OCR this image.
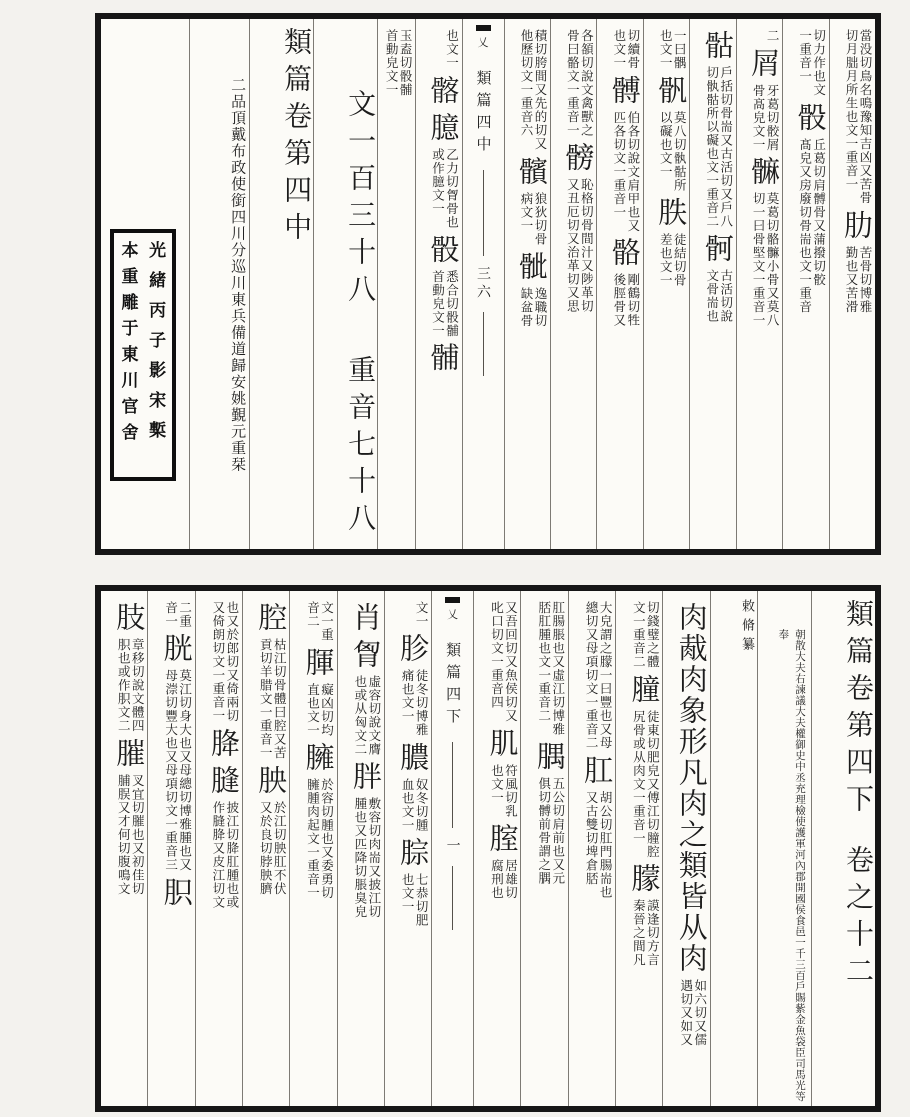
當没切鳥名鳴豫知吉凶又苦骨
切月朏月所生也文一重音一
肋
苦骨切博雅
勤也又苦滑
切力作也文
一重音一
骰
丘葛切肩髆骨又蒲撥切骹
髙皃又房廢切骨耑也文一重音
二
屑
牙葛切骹屑
骨髙皃文一
髍
莫葛切骼髍小骨又莫八
切一曰骨堅文一重音一
骷
戶括切骨耑又古活切又戶八
切骫骷所以礙也文一重音二
䯊
古活切說
文骨耑也
一曰髃
也文一
骪
莫八切骫骷所
以礙也文一
胅
徒結切骨
差也文一
切續骨
也文一
髆
伯各切說文肩甲也又
匹各切文一重音一
骼
剛鶴切牲
後脛骨又
各頟切說文禽獸之
骨曰骼文一重音一
髈
恥格切骨間汁又陟革切
又丑厄切又治革切又思
積切胯間又先的切又
他歷切文一重音六
髕
狼狄切骨
病文一
骴
逸職切
缺盆骨
乂
類篇四中
三六
也文一
髂臆
乙力切胷骨也
或作臆文一
骰
悉合切骰䯙
首動皃文一
䯙
玉盍切骰䯙
首動皃文一
文一百三十八重音七十八
類篇卷第四中
二品頂戴布政使銜四川分巡川東兵備道歸安姚覲元重栞
光緒丙子影宋槧
本重雕于東川官舍
類篇卷第四下卷之十二
朝散大夫右諫議大夫權御史中丞充理檢使護軍河內郡開國侯食邑一千三百戶賜紫金魚袋臣司馬光等奉
敕脩纂
肉胾肉象形凡肉之類皆从肉
如六切又儒
遇切又如又
切錢璧之體
文一重音二
膧
徒東切肥皃又傅江切膧腔
尻骨或从肉文一重音一
朦
謨逢切方言
秦晉之間凡
大皃謂之朦一曰豐也又母
總切又母項切文一重音二
肛
胡公切肛門腸耑也
又古雙切埤倉脴
肛腸脹也又虛江切博雅
脴肛腫也文一重音二
腢
五公切肩前也又元
俱切髆前骨謂之腢
又吾回切又魚侯切又
叱口切文一重音四
肌
符風切乳
也文一
腟
居雄切
腐刑也
乂
類篇四下
一
文一
胗
徒冬切博雅
痛也文一
膿
奴冬切腫
血也文一
腙
七恭切肥
也文一
肖胷
虛容切說文膺
也或从匈文二
胖
敷容切肉耑又披江切
腫也又匹降切脹臭皃
文一重
音二
腪
癡凶切均
直也文一
臃
於容切腫也又委勇切
臃腫肉起文一重音一
腔
枯江切骨體曰腔又苦
貢切羊腊文一重音一
胦
於江切胦肛不伏
又於良切脖胦臍
也又於郎切又倚兩切
又倚朗切文一重音一
胮膖
披江切胮肛腫也或
作膖胮又皮江切文
二重
音一
胱
莫江切身大也又母總切博雅腫也又
母漴切豐大也又母項切文一重音三
胑
肢
章移切說文體四
胑也或作胑文二
膗
叉宜切膗也又初佳切
脯脵又才何切腹鳴文
